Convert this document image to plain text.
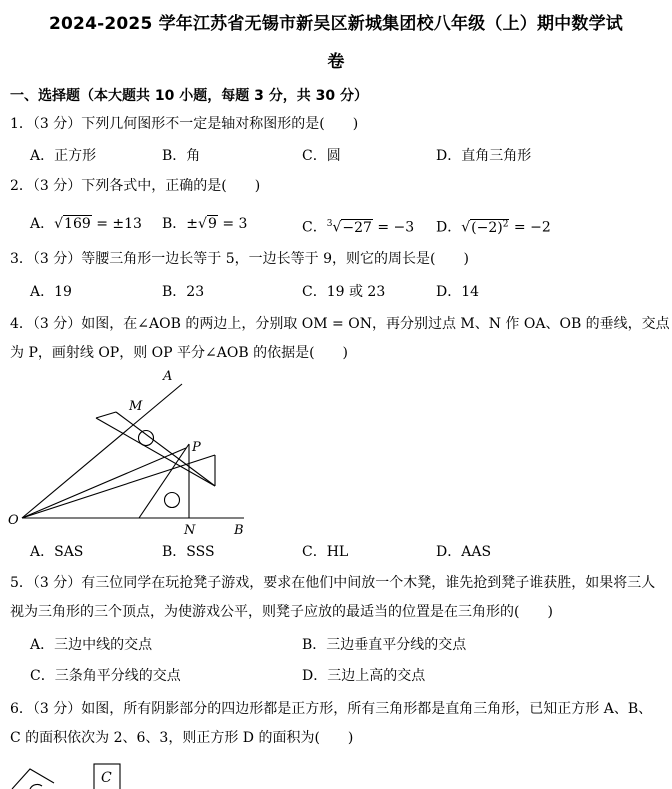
2024-2025 学年江苏省无锡市新吴区新城集团校八年级（上）期中数学试
卷
一、选择题（本大题共 10 小题，每题 3 分，共 30 分）
1．（3 分）下列几何图形不一定是轴对称图形的是(　　)
A．正方形	B．角	C．圆	D．直角三角形
2．（3 分）下列各式中，正确的是(　　)
A．√169 = ±13 B．±√9 = 3	C．$^3$√−27 = −3 D．$√(-2)^2 = -2$
3．（3 分）等腰三角形一边长等于 5，一边长等于 9，则它的周长是(　　)
A．19	B．23	C．19 或 23	D．14
4．（3 分）如图，在∠AOB 的两边上，分别取 OM = ON，再分别过点 M、N 作 OA、OB 的垂线，交点
为 P，画射线 OP，则 OP 平分∠AOB 的依据是(　　)
A
M
P
O
N	B
A．SAS	B．SSS	C．HL	D．AAS
5．（3 分）有三位同学在玩抢凳子游戏，要求在他们中间放一个木凳，谁先抢到凳子谁获胜，如果将三人
视为三角形的三个顶点，为使游戏公平，则凳子应放的最适当的位置是在三角形的(　　)
A．三边中线的交点	B．三边垂直平分线的交点
C．三条角平分线的交点	D．三边上高的交点
6．（3 分）如图，所有阴影部分的四边形都是正方形，所有三角形都是直角三角形，已知正方形 A、B、
C 的面积依次为 2、6、3，则正方形 D 的面积为(　　)
C
